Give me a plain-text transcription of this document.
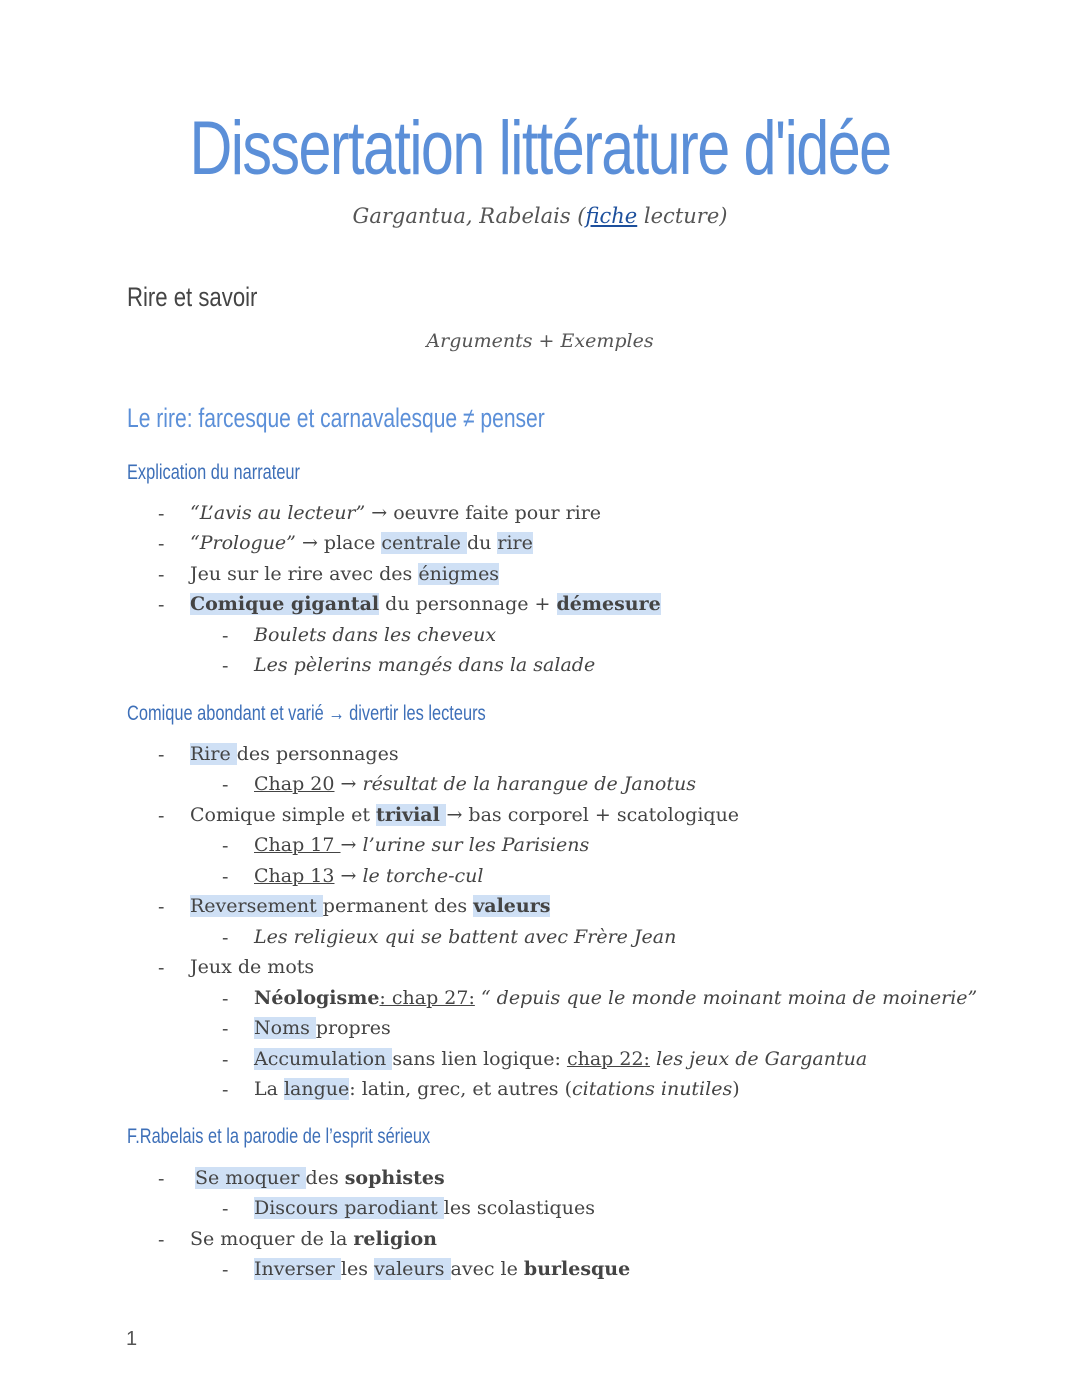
Dissertation littérature d'idée
Gargantua, Rabelais (fiche lecture)
Rire et savoir
Arguments + Exemples
Le rire: farcesque et carnavalesque ≠ penser
Explication du narrateur
- “L’avis au lecteur” → oeuvre faite pour rire
- “Prologue” → place centrale du rire
- Jeu sur le rire avec des énigmes
- Comique gigantal du personnage + démesure
- Boulets dans les cheveux
- Les pèlerins mangés dans la salade
Comique abondant et varié → divertir les lecteurs
- Rire des personnages
- Chap 20 → résultat de la harangue de Janotus
- Comique simple et trivial → bas corporel + scatologique
- Chap 17 → l’urine sur les Parisiens
- Chap 13 → le torche-cul
- Reversement permanent des valeurs
- Les religieux qui se battent avec Frère Jean
- Jeux de mots
- Néologisme: chap 27: “ depuis que le monde moinant moina de moinerie”
- Noms propres
- Accumulation sans lien logique: chap 22: les jeux de Gargantua
- La langue: latin, grec, et autres (citations inutiles)
F.Rabelais et la parodie de l’esprit sérieux
- Se moquer des sophistes
- Discours parodiant les scolastiques
- Se moquer de la religion
- Inverser les valeurs avec le burlesque
1
